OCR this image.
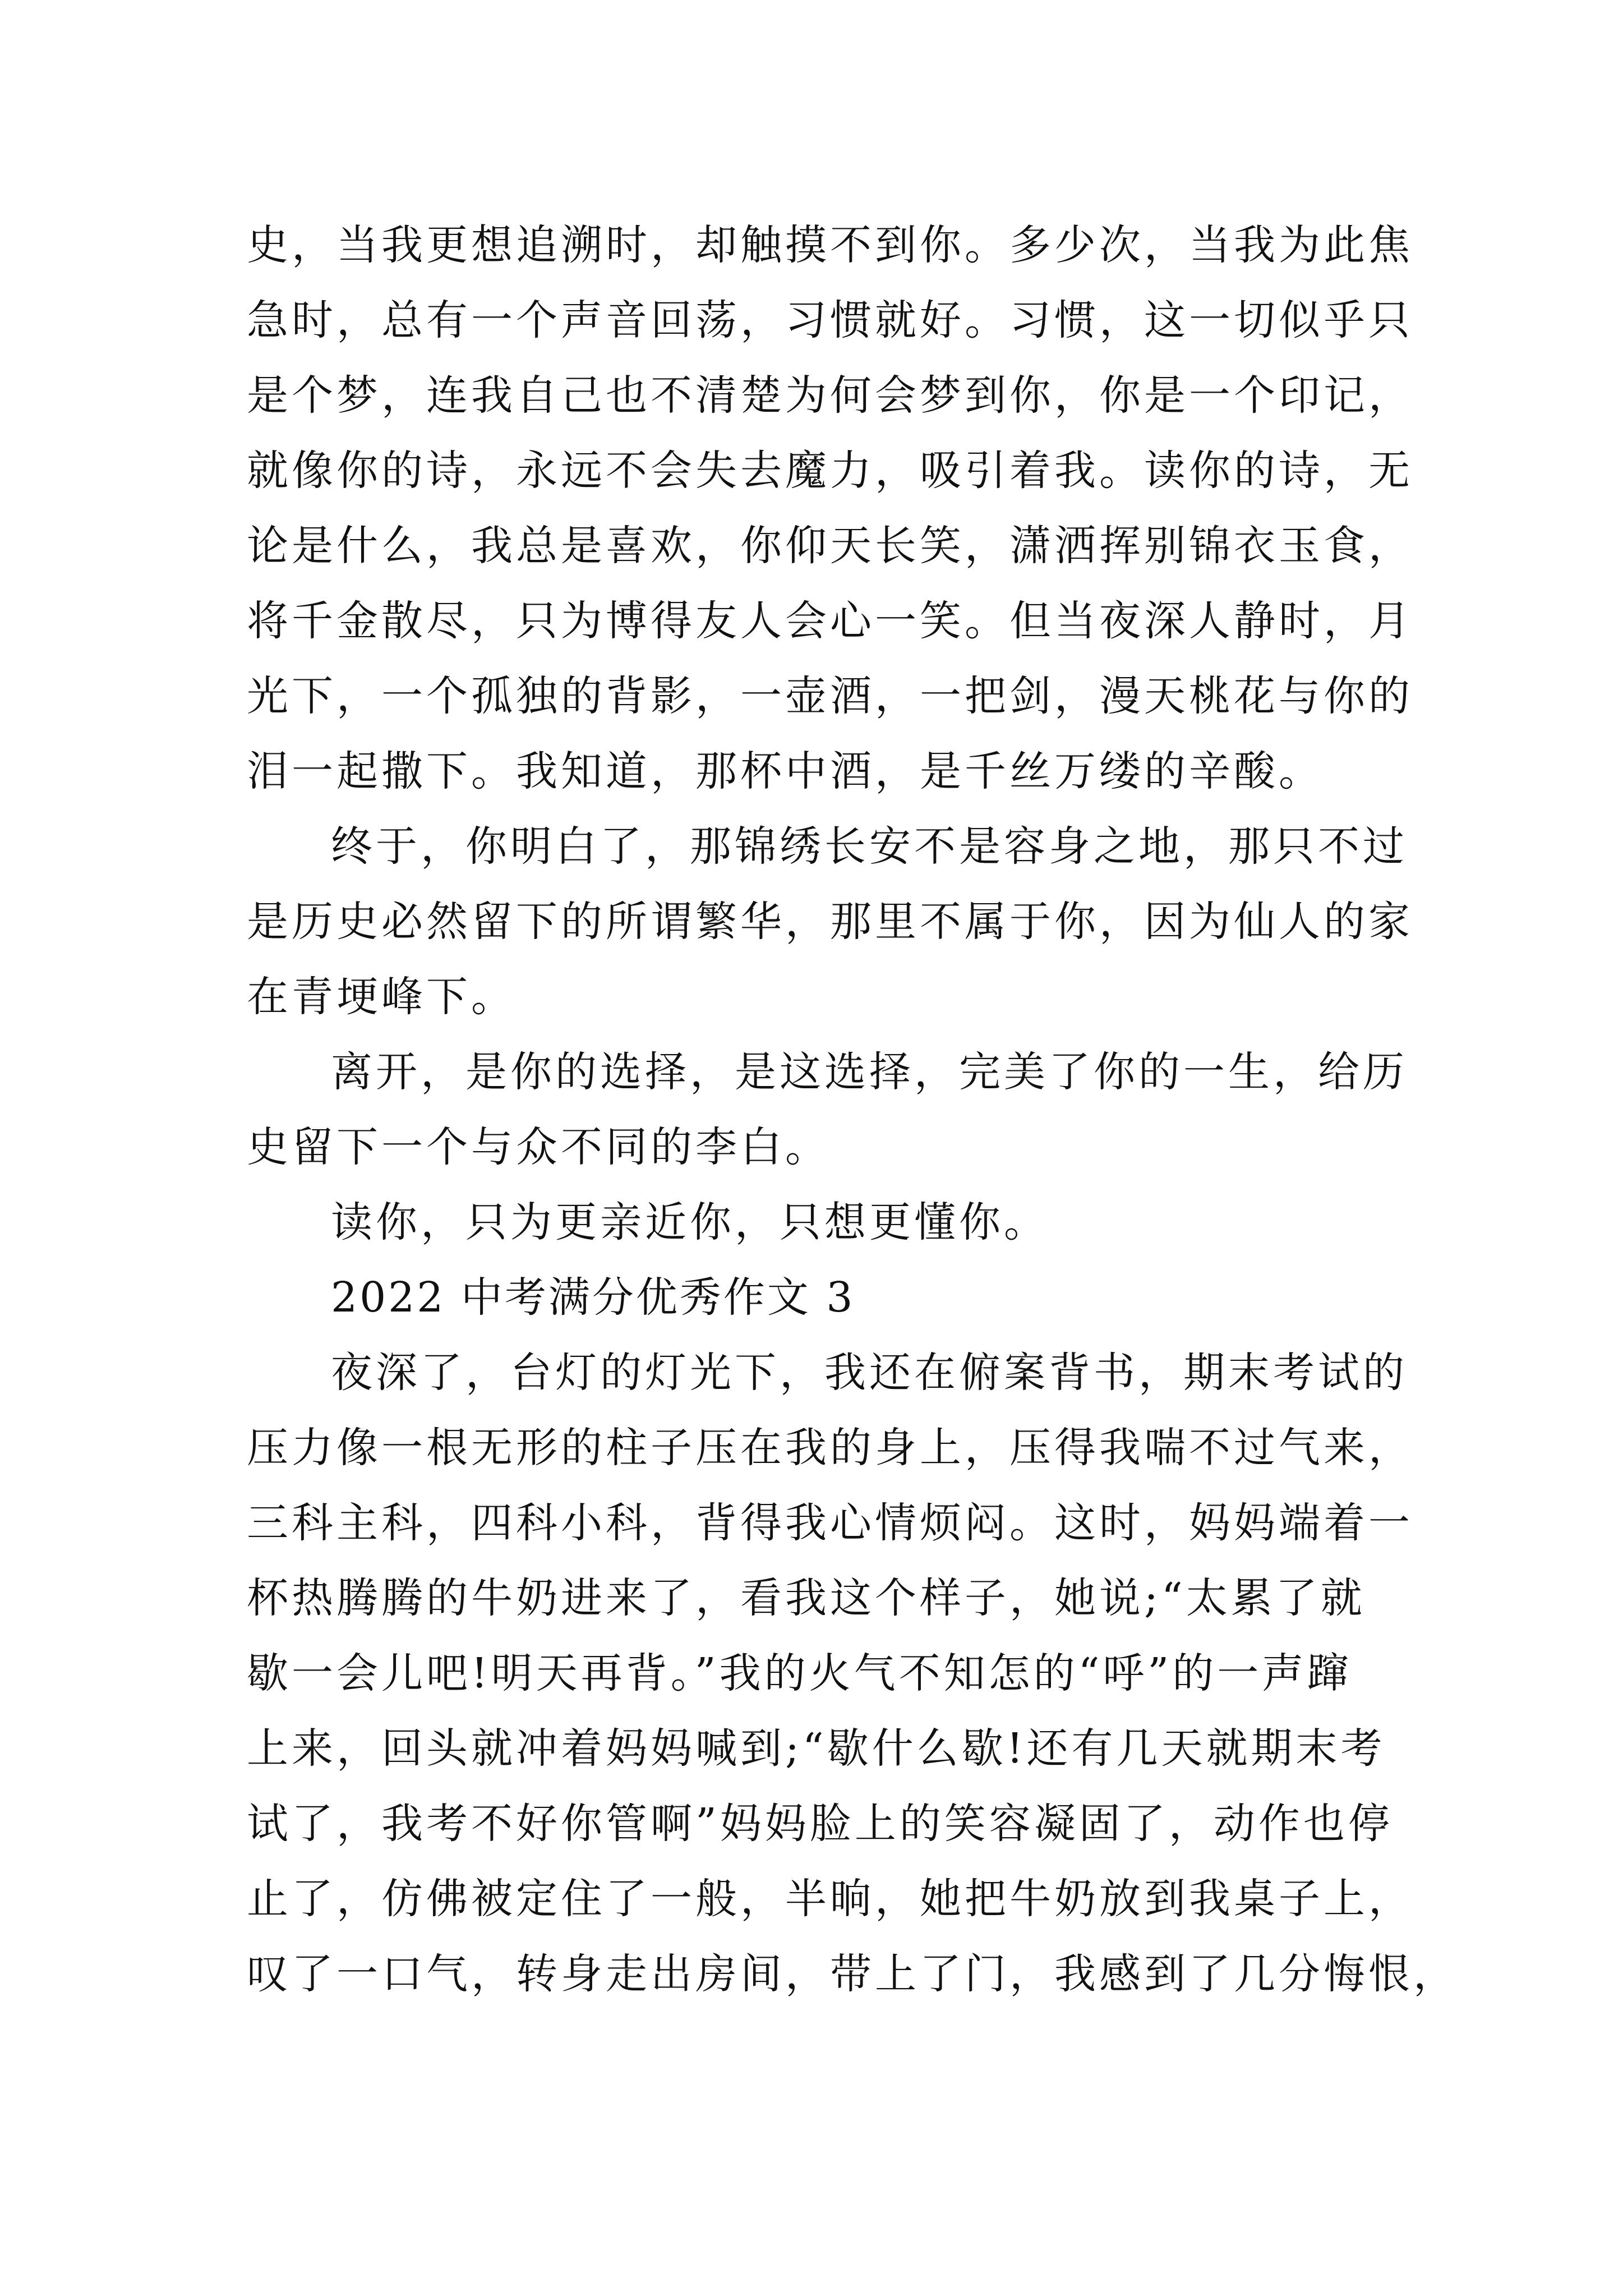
史，当我更想追溯时，却触摸不到你。多少次，当我为此焦
急时，总有一个声音回荡，习惯就好。习惯，这一切似乎只
是个梦，连我自己也不清楚为何会梦到你，你是一个印记，
就像你的诗，永远不会失去魔力，吸引着我。读你的诗，无
论是什么，我总是喜欢，你仰天长笑，潇洒挥别锦衣玉食，
将千金散尽，只为博得友人会心一笑。但当夜深人静时，月
光下，一个孤独的背影，一壶酒，一把剑，漫天桃花与你的
泪一起撒下。我知道，那杯中酒，是千丝万缕的辛酸。
终于，你明白了，那锦绣长安不是容身之地，那只不过
是历史必然留下的所谓繁华，那里不属于你，因为仙人的家
在青埂峰下。
离开，是你的选择，是这选择，完美了你的一生，给历
史留下一个与众不同的李白。
读你，只为更亲近你，只想更懂你。
2022 中考满分优秀作文 3
夜深了，台灯的灯光下，我还在俯案背书，期末考试的
压力像一根无形的柱子压在我的身上，压得我喘不过气来，
三科主科，四科小科，背得我心情烦闷。这时，妈妈端着一
杯热腾腾的牛奶进来了，看我这个样子，她说;“太累了就
歇一会儿吧!明天再背。”我的火气不知怎的“呼”的一声蹿
上来，回头就冲着妈妈喊到;“歇什么歇!还有几天就期末考
试了，我考不好你管啊”妈妈脸上的笑容凝固了，动作也停
止了，仿佛被定住了一般，半晌，她把牛奶放到我桌子上，
叹了一口气，转身走出房间，带上了门，我感到了几分悔恨，
